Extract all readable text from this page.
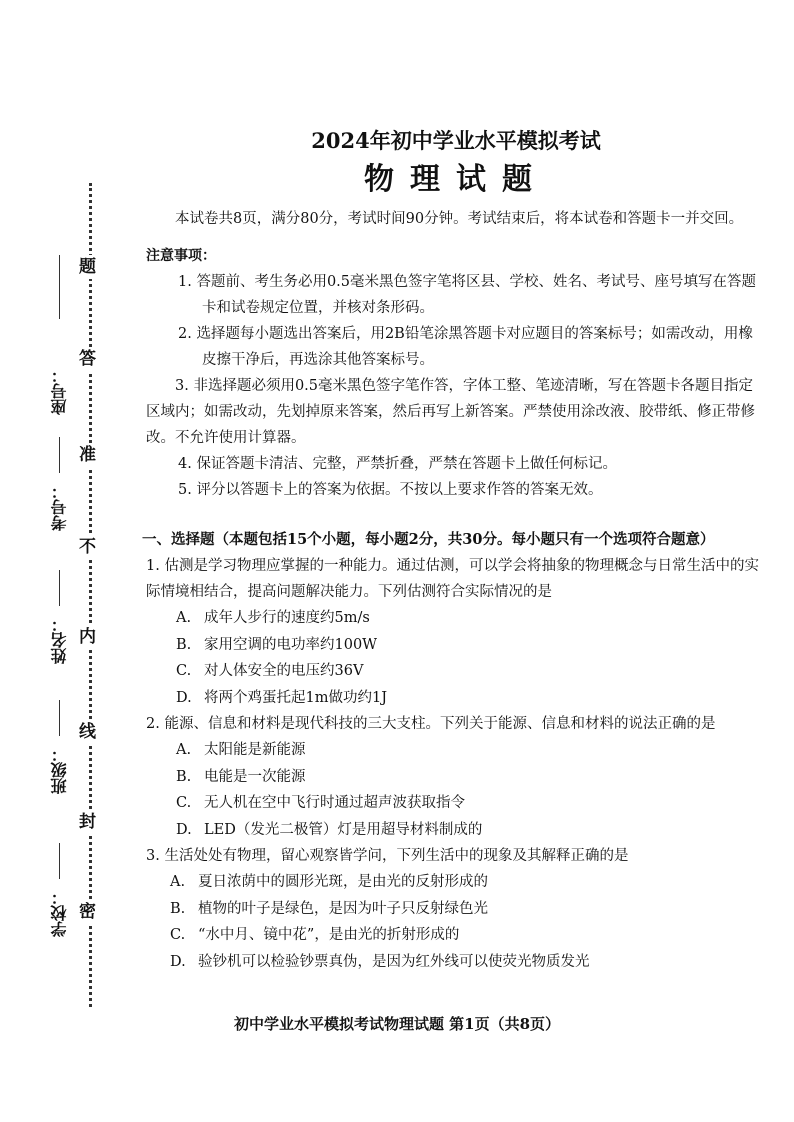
题
答
准
不
内
线
封
密
座号：
考号：
姓名：
班级：
学校：
2024年初中学业水平模拟考试
物理试题

本试卷共8页，满分80分，考试时间90分钟。考试结束后，将本试卷和答题卡一并交回。

注意事项：

1. 答题前、考生务必用0.5毫米黑色签字笔将区县、学校、姓名、考试号、座号填写在答题卡和试卷规定位置，并核对条形码。

2. 选择题每小题选出答案后，用2B铅笔涂黑答题卡对应题目的答案标号；如需改动，用橡皮擦干净后，再选涂其他答案标号。

3. 非选择题必须用0.5毫米黑色签字笔作答，字体工整、笔迹清晰，写在答题卡各题目指定区域内；如需改动，先划掉原来答案，然后再写上新答案。严禁使用涂改液、胶带纸、修正带修改。不允许使用计算器。

4. 保证答题卡清洁、完整，严禁折叠，严禁在答题卡上做任何标记。

5. 评分以答题卡上的答案为依据。不按以上要求作答的答案无效。

一、选择题（本题包括15个小题，每小题2分，共30分。每小题只有一个选项符合题意）

1. 估测是学习物理应掌握的一种能力。通过估测，可以学会将抽象的物理概念与日常生活中的实际情境相结合，提高问题解决能力。下列估测符合实际情况的是

A. 成年人步行的速度约5m/s

B. 家用空调的电功率约100W

C. 对人体安全的电压约36V

D. 将两个鸡蛋托起1m做功约1J

2. 能源、信息和材料是现代科技的三大支柱。下列关于能源、信息和材料的说法正确的是

A. 太阳能是新能源

B. 电能是一次能源

C. 无人机在空中飞行时通过超声波获取指令

D. LED（发光二极管）灯是用超导材料制成的

3. 生活处处有物理，留心观察皆学问，下列生活中的现象及其解释正确的是

A. 夏日浓荫中的圆形光斑，是由光的反射形成的

B. 植物的叶子是绿色，是因为叶子只反射绿色光

C. “水中月、镜中花”，是由光的折射形成的

D. 验钞机可以检验钞票真伪，是因为红外线可以使荧光物质发光

初中学业水平模拟考试物理试题 第1页（共8页）
